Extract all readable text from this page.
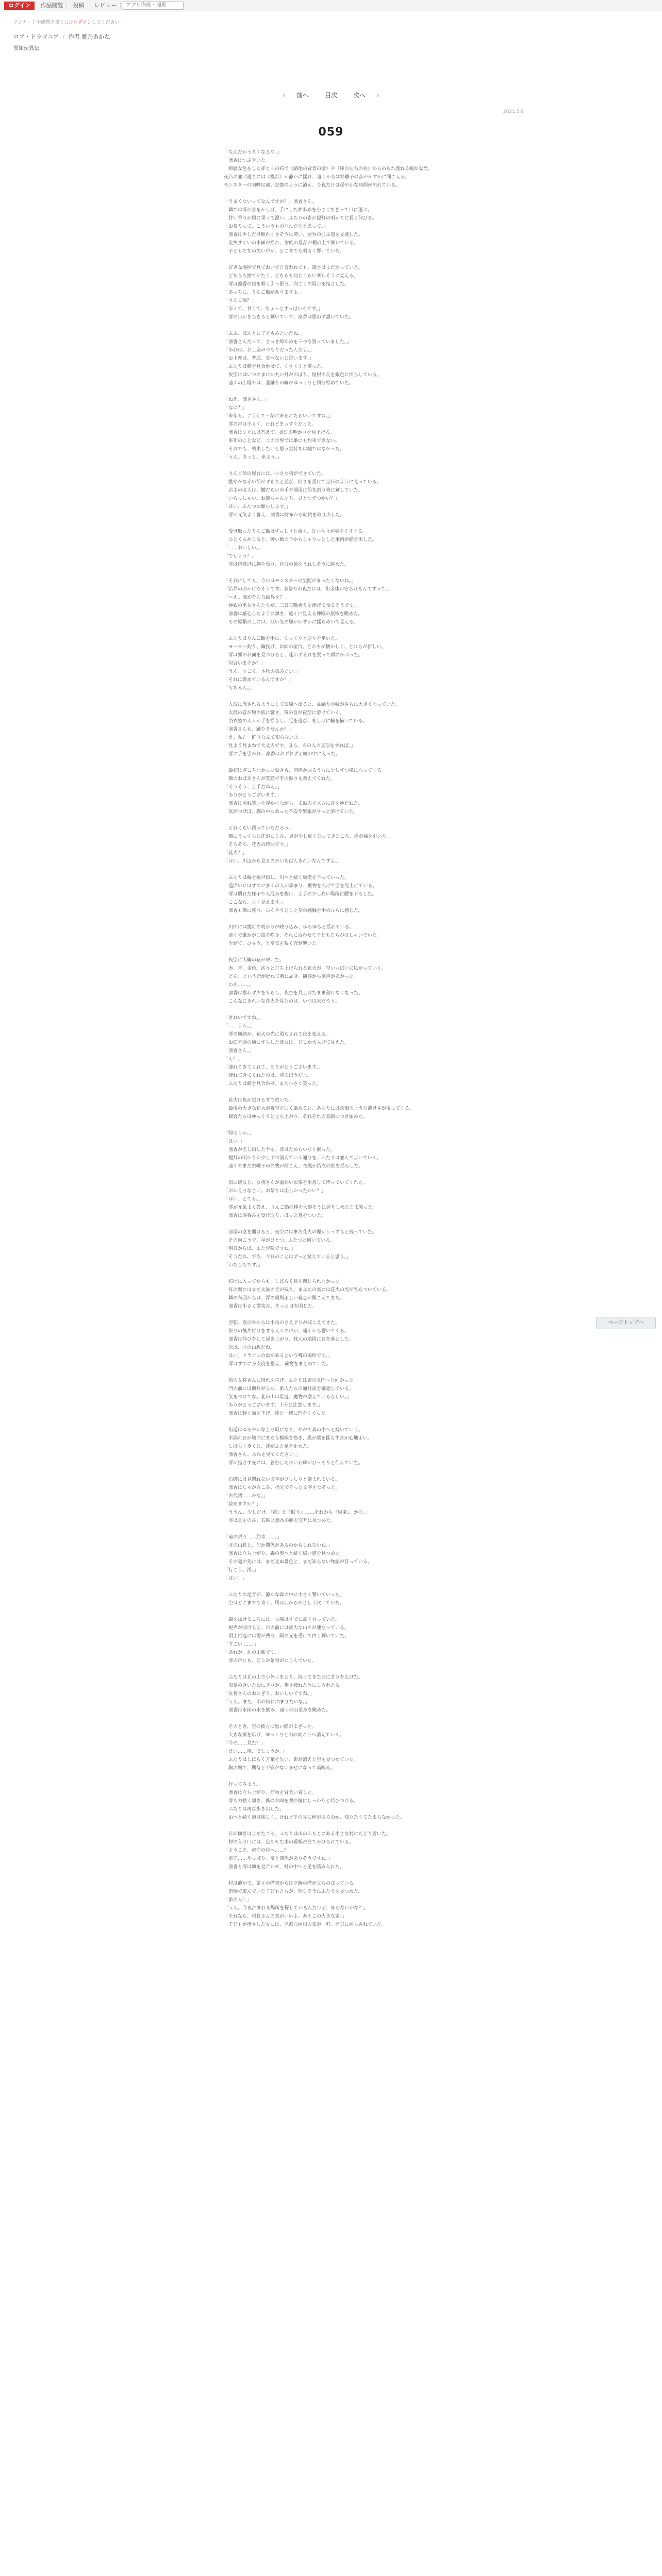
ログイン	作品閲覧	投稿	レビュー
アプリ作成・閲覧
アンケートや感想を書くにはログインしてください。
ロア・ドラゴニア / 作者 暁乃あかね
異類伝異伝
‹ 前へ	目次	次へ ›
2021.5.8
059
「なんだかうまくなるな。」
　凛香はつぶやいた。
　綺麗な色をした赤と白の布で《路地の背景の壁》や《扉の左右の柱》から吊られ流れる暖かな光、
夜店の並ぶ通りには《提灯》が静かに揺れ、遠くからは祭囃子の音がかすかに聞こえる。
モンスターの咆哮は遠い記憶のように消え、今夜だけは穏やかな時間が流れている。
「うまくないってなんですか？」凛香さん。
　隣では澪が首をかしげ、手にした綿あめを小さくちぎって口に運ぶ。
　甘い香りが風に乗って漂い、ふたりの影が提灯の明かりに長く伸びる。
「お祭りって、こういうものなんだなと思って。」
　凛香は少しだけ照れくさそうに笑い、屋台の並ぶ道を見渡した。
　金魚すくいの水面が揺れ、射的の景品が棚の上で輝いている。
　子どもたちの笑い声が、どこまでも明るく響いていた。
　好きな場所で見ておいでと言われても、凛香はまだ迷っていた。
　どちらも捨てがたく、どちらも同じくらい楽しそうに見える。
　澪は凛香の袖を軽く引っ張り、向こうの屋台を指さした。
「あっちに、りんご飴がありますよ。」
「りんご飴？」
「赤くて、甘くて、ちょっとすっぱいんです。」
　澪の目がきらきらと輝いていて、凛香は思わず頷いていた。
「ふふ、ほんとに子どもみたいだね。」
「凛香さんだって、さっき綿あめを三つも買っていました。」
「あれは、お土産のつもりだったんだよ。」
「お土産は、普通、食べないと思います。」
　ふたりは顔を見合わせて、くすくすと笑った。
　夜空にはいつのまにか丸い月がのぼり、屋根の瓦を銀色に照らしている。
　遠くの広場では、盆踊りの輪がゆっくりと回り始めていた。
「ねえ、凛香さん。」
「なに？」
「来年も、こうして一緒に来られたらいいですね。」
　澪の声は小さく、けれどまっすぐだった。
　凛香はすぐには答えず、提灯の明かりを見上げる。
　来年のことなど、この世界では誰にも約束できない。
　それでも、約束したいと思う気持ちは嘘ではなかった。
「うん。きっと、来よう。」
　りんご飴の屋台には、小さな列ができていた。
　艶やかな赤い飴がずらりと並び、灯りを受けて宝石のように光っている。
　店主の老人は、皺だらけの手で器用に飴を割り箸に刺していた。
「いらっしゃい。お嬢ちゃんたち、ひとつずつかい？」
「はい、ふたつお願いします。」
　澪が元気よく答え、凛香は財布から硬貨を取り出した。
　受け取ったりんご飴はずっしりと重く、甘い香りが鼻をくすぐる。
　ひとくちかじると、硬い飴の下からしゃりっとした果肉が顔を出した。
「……おいしい。」
「でしょう？」
　澪は得意げに胸を張り、自分の飴をうれしそうに眺めた。
「それにしても、今日はモンスターの気配がまったくないね。」
「結界のおかげだそうです。お祭りの夜だけは、街全体が守られるんですって。」
「へえ。誰がそんな結界を？」
「神殿の巫女さんたちが、三日三晩祈りを捧げて張るそうです。」
　凛香は感心したように頷き、遠くに見える神殿の屋根を眺めた。
　その屋根の上には、淡い光の膜がかすかに揺らめいて見える。
　ふたりはりんご飴を手に、ゆっくりと通りを歩いた。
　ヨーヨー釣り、輪投げ、お面の屋台。どれもが懐かしく、どれもが新しい。
　澪は狐のお面を見つけると、迷わずそれを買って頭にかぶった。
「似合いますか？」
「うん、すごく。本物の狐みたい。」
「それは褒めているんですか？」
「もちろん。」
　人波に流されるようにして広場へ出ると、盆踊りの輪がさらに大きくなっていた。
　太鼓の音が腹の底に響き、笛の音が夜空に溶けていく。
　浴衣姿の人々が手を揺らし、足を運び、楽しげに輪を描いている。
「凛香さんも、踊りませんか？」
「え、私？　踊りなんて知らないよ。」
「見よう見まねで大丈夫です。ほら、あの人の真似をすれば。」
　澪に手を引かれ、凛香はおずおずと輪の中に入った。
　最初はぎこちなかった動きも、何周か回るうちに少しずつ様になってくる。
　隣のおばあさんが笑顔で手の振りを教えてくれた。
「そうそう、上手だねえ。」
「ありがとうございます。」
　凛香は照れ笑いを浮かべながら、太鼓のリズムに身をゆだねた。
　気がつけば、胸の中にあった不安や緊張がすっと溶けていた。
　どれくらい踊っていただろう。
　額にうっすらと汗がにじみ、足が少し重くなってきたころ、澪が袖を引いた。
「そろそろ、花火の時間です。」
「花火？」
「はい。川辺から見るのがいちばんきれいなんですよ。」
　ふたりは輪を抜け出し、川へと続く坂道を下っていった。
　道沿いにはすでに多くの人が集まり、敷物を広げて空を見上げている。
　澪は慣れた様子で人混みを抜け、土手の少し高い場所に腰を下ろした。
「ここなら、よく見えます。」
　凛香も隣に座り、ひんやりとした草の感触を手のひらに感じた。
　川面には提灯の明かりが映り込み、ゆらゆらと揺れている。
　遠くで誰かが口笛を吹き、それに合わせて子どもたちがはしゃいでいた。
　やがて、ひゅう、と空気を裂く音が響いた。
　夜空に大輪の花が咲いた。
　赤、青、金色。次々と打ち上げられる花火が、空いっぱいに広がっていく。
　どん、という音が遅れて胸に届き、観客から歓声があがった。
「わあ……。」
　凛香は思わず声をもらし、夜空を見上げたまま動けなくなった。
　こんなにきれいな花火を見たのは、いつ以来だろう。
「きれいですね。」
「……うん。」
　澪の横顔が、花火の光に照らされて色を変える。
　お面を頭の横にずらした彼女は、どこか大人びて見えた。
「凛香さん。」
「ん？」
「連れてきてくれて、ありがとうございます。」
「連れてきてくれたのは、澪のほうだよ。」
　ふたりは顔を見合わせ、また小さく笑った。
　花火は夜が更けるまで続いた。
　最後の大きな花火が夜空を白く染めると、あたりには余韻のような静けさが戻ってくる。
　観客たちはゆっくりと立ち上がり、それぞれの家路につき始めた。
「帰ろうか。」
「はい。」
　凛香が差し出した手を、澪はためらいなく握った。
　提灯の明かりが少しずつ消えていく通りを、ふたりは並んで歩いていく。
　遠くでまだ祭囃子の名残が聞こえ、夜風が浴衣の袖を揺らした。
　宿に戻ると、女将さんが温かいお茶を用意して待っていてくれた。
「おかえりなさい。お祭りは楽しかったかい？」
「はい、とても。」
　澪が元気よく答え、りんご飴の棒を大事そうに握りしめたまま笑った。
　凛香は湯呑みを受け取り、ほっと息をついた。
　部屋の窓を開けると、夜空にはまだ花火の煙がうっすらと残っていた。
　その向こうで、星がひとつ、ふたつと瞬いている。
「明日からは、また冒険ですね。」
「そうだね。でも、今日のことはずっと覚えていると思う。」
「わたしもです。」
　布団に入ってからも、しばらく目を閉じられなかった。
　耳の奥にはまだ太鼓の音が残り、まぶたの裏には花火の光がちらついている。
　隣の布団からは、澪の規則正しい寝息が聞こえてきた。
　凛香は小さく微笑み、そっと目を閉じた。
　翌朝、窓の外からは小鳥のさえずりが聞こえてきた。
　祭りの後片付けをする人々の声が、遠くから響いてくる。
　凛香は伸びをして起き上がり、枕元の地図に目を落とした。
「次は、北の山脈だね。」
「はい。ドラゴンの巣があるという噂の場所です。」
　澪はすでに身支度を整え、荷物をまとめていた。
　宿の女将さんに別れを告げ、ふたりは街の北門へと向かった。
　門の前には衛兵が立ち、旅人たちの通行証を確認している。
「気をつけてな。北の山は最近、魔物が増えているらしい。」
「ありがとうございます。十分に注意します。」
　凛香は軽く頭を下げ、澪と一緒に門をくぐった。
　街道はゆるやかな上り坂になり、やがて森の中へと続いていく。
　木漏れ日が地面にまだら模様を描き、風が葉を揺らす音が心地よい。
　しばらく歩くと、澪がふと足を止めた。
「凛香さん、あれを見てください。」
　澪が指さす先には、苔むした古い石碑がひっそりと佇んでいた。
　石碑には見慣れない文字がびっしりと刻まれている。
　凛香はしゃがみこみ、指先でそっと文字をなぞった。
「古代語……かな。」
「読めますか？」
「ううん、少しだけ。『竜』と『眠り』……それから『約束』、かな。」
　澪は息をのみ、石碑と凛香の顔を交互に見つめた。
「竜の眠り……約束……。」
「北の山脈と、何か関係があるのかもしれないね。」
　凛香は立ち上がり、森の奥へと続く細い道を見つめた。
　その道の先には、まだ見ぬ景色と、まだ知らない物語が待っている。
「行こう、澪。」
「はい！」
　ふたりの足音が、静かな森の中に小さく響いていった。
　空はどこまでも青く、風は北からやさしく吹いていた。
　森を抜けるころには、太陽はすでに高く昇っていた。
　視界が開けると、目の前には雄大な山々が連なっている。
　頂上付近には雪が残り、陽の光を受けて白く輝いていた。
「すごい……。」
「あれが、北の山脈です。」
　澪の声にも、どこか緊張がにじんでいた。
　ふたりは丘の上で小休止をとり、持ってきたおにぎりを広げた。
　塩気のきいたおにぎりが、歩き疲れた体にしみわたる。
「女将さんのおにぎり、おいしいですね。」
「うん。また、あの宿に泊まりたいな。」
　凛香は水筒の水を飲み、遠くの山並みを眺めた。
　そのとき、空の彼方に黒い影がよぎった。
　大きな翼を広げ、ゆっくりと山の向こうへ消えていく。
「今の……見た？」
「はい……竜、でしょうか。」
　ふたりはしばらく言葉を失い、影が消えた空を見つめていた。
　胸の奥で、期待と不安がないまぜになって高鳴る。
「行ってみよう。」
　凛香は立ち上がり、荷物を背負い直した。
　澪も力強く頷き、狐のお面を腰の紐にしっかりと結びつける。
　ふたりは再び歩き出した。
　山へと続く道は険しく、けれどその先に何があるのか、知りたくてたまらなかった。
　日が傾きはじめたころ、ふたりは山のふもとにある小さな村にたどり着いた。
　村の入り口には、色あせた木の看板が立てかけられている。
「ようこそ、竜守の村へ……？」
「竜守……やっぱり、竜と関係がありそうですね。」
　凛香と澪は顔を見合わせ、村の中へと足を踏み入れた。
　村は静かで、家々の煙突からは夕餉の煙が立ちのぼっている。
　道端で遊んでいた子どもたちが、珍しそうにふたりを見つめた。
「旅の人？」
「うん。今夜泊まれる場所を探しているんだけど、知らないかな？」
「それなら、村長さんの家がいいよ。あそこの大きな家。」
　子どもが指さした先には、立派な屋根の家が一軒、夕日に照らされていた。
ページトップへ
